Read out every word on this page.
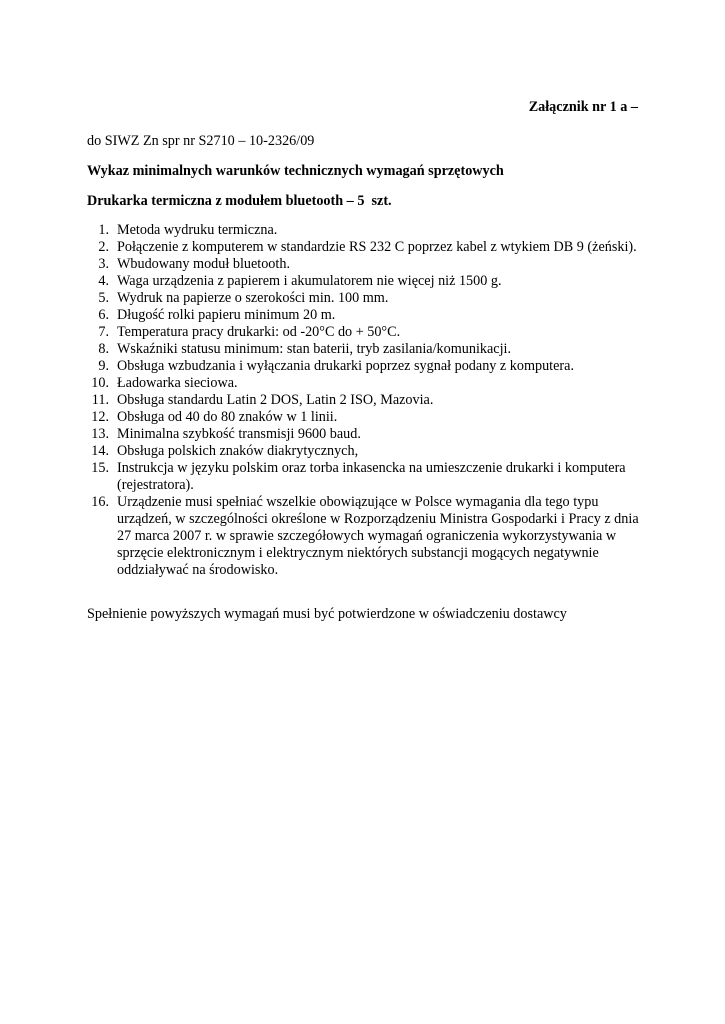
Załącznik nr 1 a –

do SIWZ Zn spr nr S2710 – 10-2326/09

Wykaz minimalnych warunków technicznych wymagań sprzętowych

Drukarka termiczna z modułem bluetooth – 5  szt.

1. Metoda wydruku termiczna.
2. Połączenie z komputerem w standardzie RS 232 C poprzez kabel z wtykiem DB 9 (żeński).
3. Wbudowany moduł bluetooth.
4. Waga urządzenia z papierem i akumulatorem nie więcej niż 1500 g.
5. Wydruk na papierze o szerokości min. 100 mm.
6. Długość rolki papieru minimum 20 m.
7. Temperatura pracy drukarki: od -20°C do + 50°C.
8. Wskaźniki statusu minimum: stan baterii, tryb zasilania/komunikacji.
9. Obsługa wzbudzania i wyłączania drukarki poprzez sygnał podany z komputera.
10. Ładowarka sieciowa.
11. Obsługa standardu Latin 2 DOS, Latin 2 ISO, Mazovia.
12. Obsługa od 40 do 80 znaków w 1 linii.
13. Minimalna szybkość transmisji 9600 baud.
14. Obsługa polskich znaków diakrytycznych,
15. Instrukcja w języku polskim oraz torba inkasencka na umieszczenie drukarki i komputera (rejestratora).
16. Urządzenie musi spełniać wszelkie obowiązujące w Polsce wymagania dla tego typu urządzeń, w szczególności określone w Rozporządzeniu Ministra Gospodarki i Pracy z dnia 27 marca 2007 r. w sprawie szczegółowych wymagań ograniczenia wykorzystywania w sprzęcie elektronicznym i elektrycznym niektórych substancji mogących negatywnie oddziaływać na środowisko.

Spełnienie powyższych wymagań musi być potwierdzone w oświadczeniu dostawcy
